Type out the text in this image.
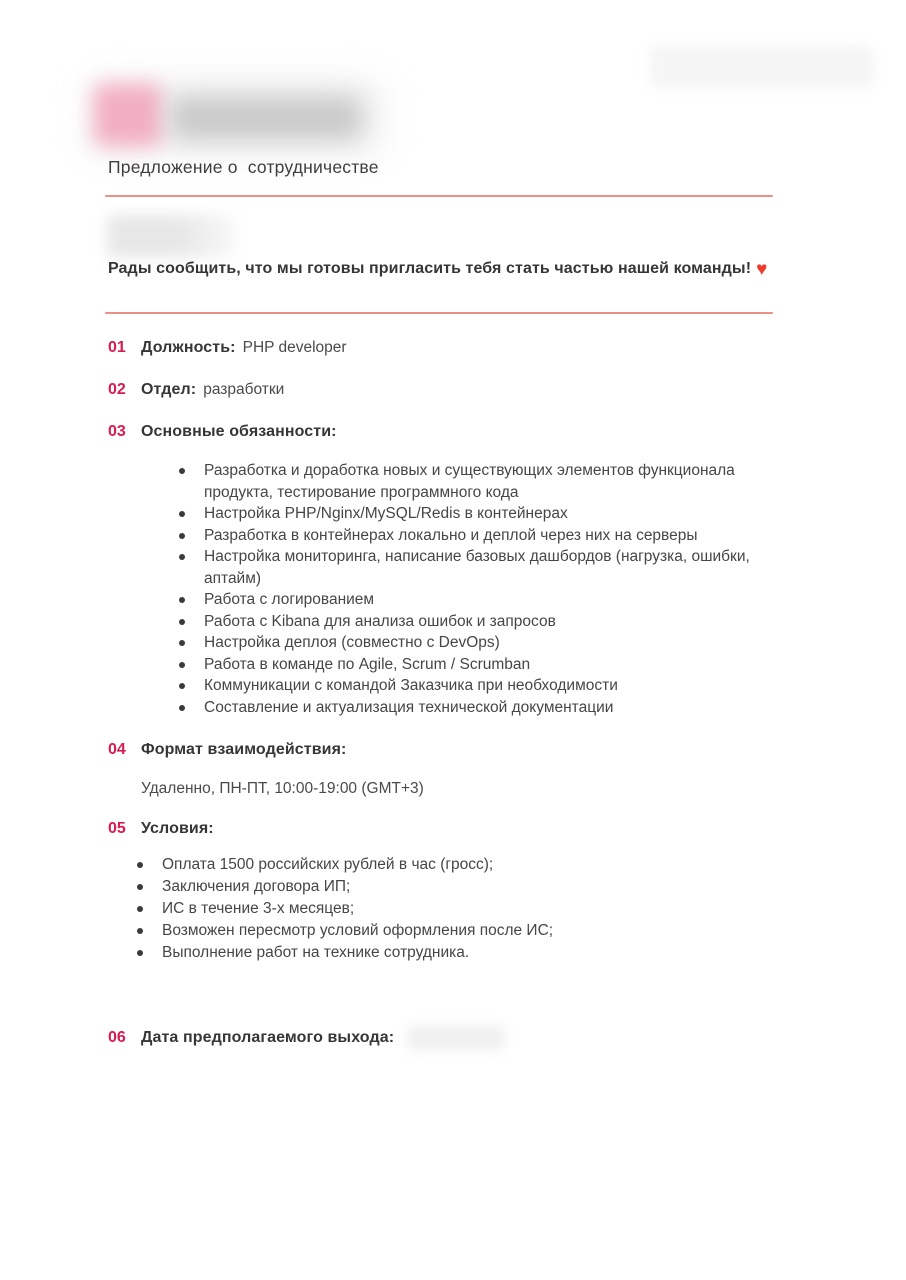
Предложение о  сотрудничестве

Рады сообщить, что мы готовы пригласить тебя стать частью нашей команды! ♥

01 Должность: PHP developer
02 Отдел: разработки
03 Основные обязанности:
Разработка и доработка новых и существующих элементов функционала продукта, тестирование программного кода
Настройка PHP/Nginx/MySQL/Redis в контейнерах
Разработка в контейнерах локально и деплой через них на серверы
Настройка мониторинга, написание базовых дашбордов (нагрузка, ошибки, аптайм)
Работа с логированием
Работа с Kibana для анализа ошибок и запросов
Настройка деплоя (совместно с DevOps)
Работа в команде по Agile, Scrum / Scrumban
Коммуникации с командой Заказчика при необходимости
Составление и актуализация технической документации
04 Формат взаимодействия:

Удаленно, ПН-ПТ, 10:00-19:00 (GMT+3)

05 Условия:
Оплата 1500 российских рублей в час (гросс);
Заключения договора ИП;
ИС в течение 3-х месяцев;
Возможен пересмотр условий оформления после ИС;
Выполнение работ на технике сотрудника.
06 Дата предполагаемого выхода:
